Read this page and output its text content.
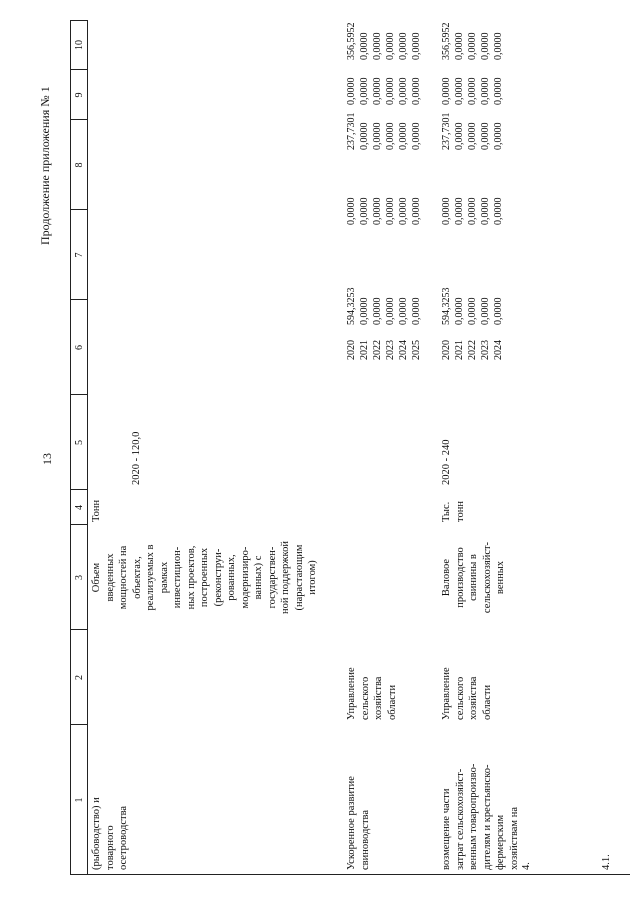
13
Продолжение приложения № 1
1
2
3
4
5
6
7
8
9
10
(рыбоводство) и товарного осетроводства
Объем введенных мощностей на объектах, реализуемых в рамках инвестицион- ных проектов, построенных (реконструи- рованных, модернизиро- ванных) с государствен- ной поддержкой (нарастающим итогом)
Тонн
2020 - 120,0
4.
Ускоренное развитие свиноводства
Управление сельского хозяйства области
2020 2021 2022 2023 2024 2025
594,3253 0,0000 0,0000 0,0000 0,0000 0,0000
0,0000 0,0000 0,0000 0,0000 0,0000 0,0000
237,7301 0,0000 0,0000 0,0000 0,0000 0,0000
0,0000 0,0000 0,0000 0,0000 0,0000 0,0000
356,5952 0,0000 0,0000 0,0000 0,0000 0,0000
4.1.
возмещение части затрат сельскохозяйст- венным товаропроизво- дителям и крестьянско- фермерским хозяйствам на
Управление сельского хозяйства области
Валовое производство свинины в сельскохозяйст- венных
Тыс. тонн
2020 - 240
2020 2021 2022 2023 2024
594,3253 0,0000 0,0000 0,0000 0,0000
0,0000 0,0000 0,0000 0,0000 0,0000
237,7301 0,0000 0,0000 0,0000 0,0000
0,0000 0,0000 0,0000 0,0000 0,0000
356,5952 0,0000 0,0000 0,0000 0,0000
